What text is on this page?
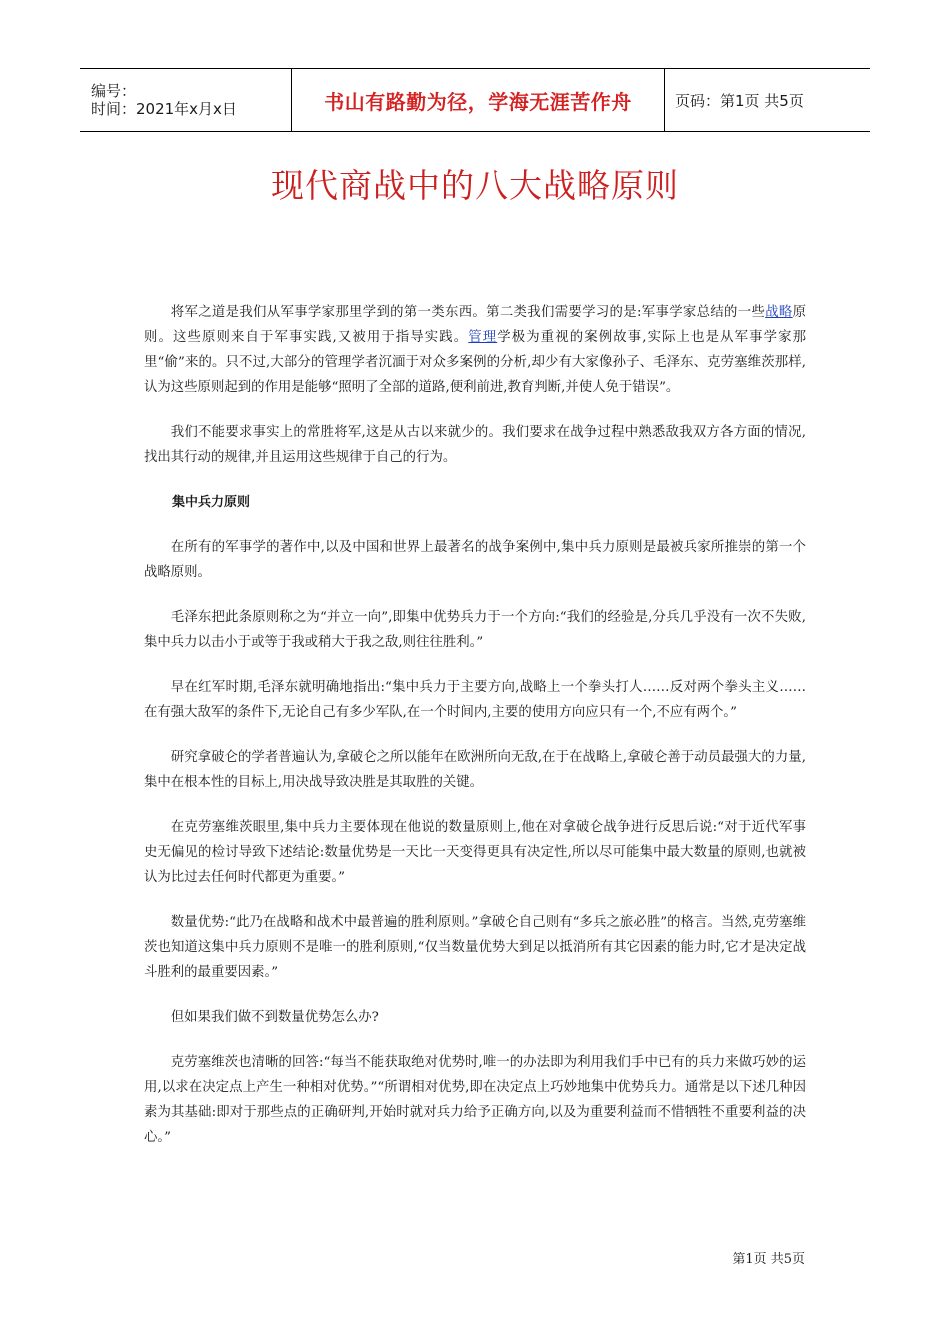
编号：
时间：2021年x月x日	书山有路勤为径，学海无涯苦作舟	页码：第1页 共5页
现代商战中的八大战略原则

将军之道是我们从军事学家那里学到的第一类东西。第二类我们需要学习的是:军事学家总结的一些战略原则。这些原则来自于军事实践,又被用于指导实践。管理学极为重视的案例故事,实际上也是从军事学家那里“偷”来的。只不过,大部分的管理学者沉湎于对众多案例的分析,却少有大家像孙子、毛泽东、克劳塞维茨那样,认为这些原则起到的作用是能够“照明了全部的道路,便利前进,教育判断,并使人免于错误”。

我们不能要求事实上的常胜将军,这是从古以来就少的。我们要求在战争过程中熟悉敌我双方各方面的情况,找出其行动的规律,并且运用这些规律于自己的行为。

集中兵力原则

在所有的军事学的著作中,以及中国和世界上最著名的战争案例中,集中兵力原则是最被兵家所推崇的第一个战略原则。

毛泽东把此条原则称之为“并立一向”,即集中优势兵力于一个方向:“我们的经验是,分兵几乎没有一次不失败,集中兵力以击小于或等于我或稍大于我之敌,则往往胜利。”

早在红军时期,毛泽东就明确地指出:“集中兵力于主要方向,战略上一个拳头打人……反对两个拳头主义……在有强大敌军的条件下,无论自己有多少军队,在一个时间内,主要的使用方向应只有一个,不应有两个。”

研究拿破仑的学者普遍认为,拿破仑之所以能年在欧洲所向无敌,在于在战略上,拿破仑善于动员最强大的力量,集中在根本性的目标上,用决战导致决胜是其取胜的关键。

在克劳塞维茨眼里,集中兵力主要体现在他说的数量原则上,他在对拿破仑战争进行反思后说:“对于近代军事史无偏见的检讨导致下述结论:数量优势是一天比一天变得更具有决定性,所以尽可能集中最大数量的原则,也就被认为比过去任何时代都更为重要。”

数量优势:“此乃在战略和战术中最普遍的胜利原则。”拿破仑自己则有“多兵之旅必胜”的格言。当然,克劳塞维茨也知道这集中兵力原则不是唯一的胜利原则,“仅当数量优势大到足以抵消所有其它因素的能力时,它才是决定战斗胜利的最重要因素。”

但如果我们做不到数量优势怎么办?

克劳塞维茨也清晰的回答:“每当不能获取绝对优势时,唯一的办法即为利用我们手中已有的兵力来做巧妙的运用,以求在决定点上产生一种相对优势。”“所谓相对优势,即在决定点上巧妙地集中优势兵力。通常是以下述几种因素为其基础:即对于那些点的正确研判,开始时就对兵力给予正确方向,以及为重要利益而不惜牺牲不重要利益的决心。”

第1页 共5页
